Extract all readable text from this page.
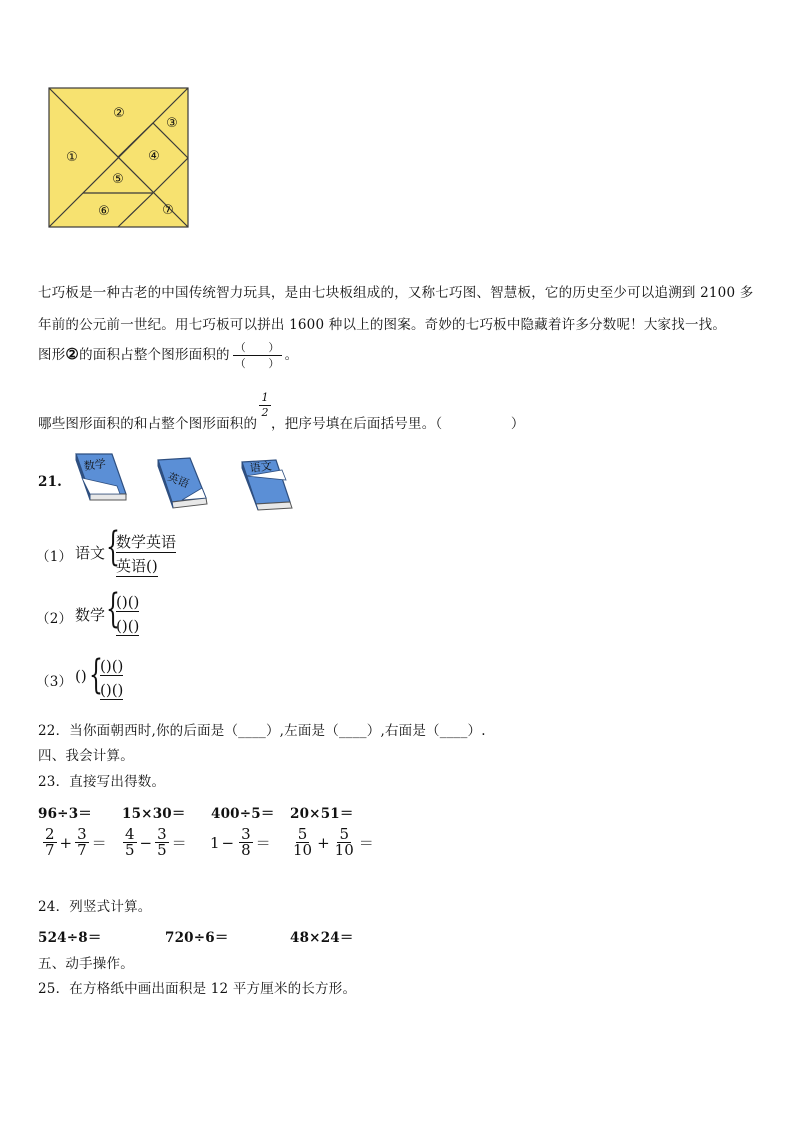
①
②
③
④
⑤
⑥	⑦
七巧板是一种古老的中国传统智力玩具，是由七块板组成的，又称七巧图、智慧板，它的历史至少可以追溯到 2100 多
年前的公元前一世纪。用七巧板可以拼出 1600 种以上的图案。奇妙的七巧板中隐藏着许多分数呢！大家找一找。
图形②的面积占整个图形面积的 $\frac{( )}{( )}$ 。
哪些图形面积的和占整个图形面积的
$\frac{1}{2}$
，把序号填在后面括号里。（　　　　　）
21.
数学
英语
语文
（1） 语文 {
数学英语
英语()
（2） 数学 {
()()
()()
（3） () {
()()
()()
22．当你面朝西时,你的后面是（____）,左面是（____）,右面是（____）.
四、我会计算。
23．直接写出得数。
96÷3＝ 15×30＝ 400÷5＝ 20×51＝
$\frac{2}{7} + \frac{3}{7} = \frac{4}{5} - \frac{3}{5} = 1 - \frac{3}{8} = \frac{5}{10} + \frac{5}{10}$ ＝
24．列竖式计算。
524÷8＝	720÷6＝	48×24＝
五、动手操作。
25．在方格纸中画出面积是 12 平方厘米的长方形。
